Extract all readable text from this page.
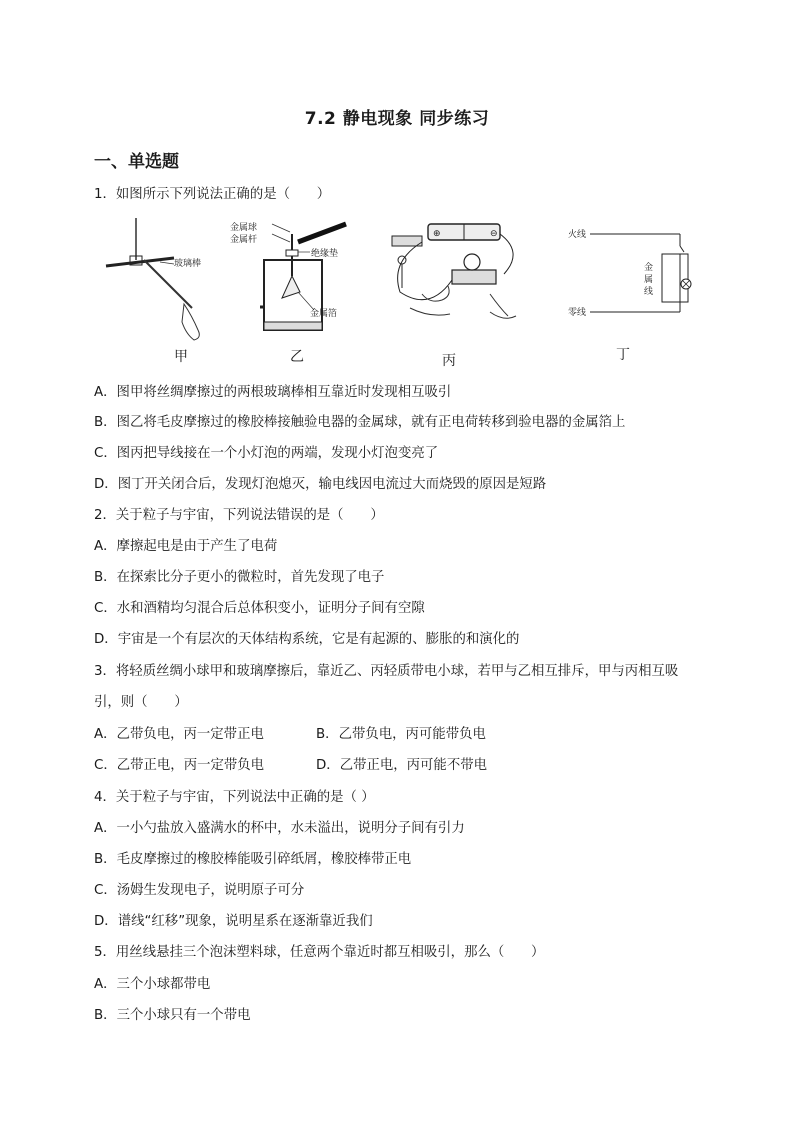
7.2 静电现象 同步练习
一、单选题
1．如图所示下列说法正确的是（　　）
玻璃棒
金属球
金属杆
绝缘垫
金属箔
⊕	⊖	火线
零线
金
属
线
甲	乙	丙	丁
A．图甲将丝绸摩擦过的两根玻璃棒相互靠近时发现相互吸引
B．图乙将毛皮摩擦过的橡胶棒接触验电器的金属球，就有正电荷转移到验电器的金属箔上
C．图丙把导线接在一个小灯泡的两端，发现小灯泡变亮了
D．图丁开关闭合后，发现灯泡熄灭，输电线因电流过大而烧毁的原因是短路
2．关于粒子与宇宙，下列说法错误的是（　　）
A．摩擦起电是由于产生了电荷
B．在探索比分子更小的微粒时，首先发现了电子
C．水和酒精均匀混合后总体积变小，证明分子间有空隙
D．宇宙是一个有层次的天体结构系统，它是有起源的、膨胀的和演化的
3．将轻质丝绸小球甲和玻璃摩擦后，靠近乙、丙轻质带电小球，若甲与乙相互排斥，甲与丙相互吸
引，则（　　）
A．乙带负电，丙一定带正电	B．乙带负电，丙可能带负电
C．乙带正电，丙一定带负电	D．乙带正电，丙可能不带电
4．关于粒子与宇宙，下列说法中正确的是（ ）
A．一小勺盐放入盛满水的杯中，水未溢出，说明分子间有引力
B．毛皮摩擦过的橡胶棒能吸引碎纸屑，橡胶棒带正电
C．汤姆生发现电子，说明原子可分
D．谱线“红移”现象，说明星系在逐渐靠近我们
5．用丝线悬挂三个泡沫塑料球，任意两个靠近时都互相吸引，那么（　　）
A．三个小球都带电
B．三个小球只有一个带电
